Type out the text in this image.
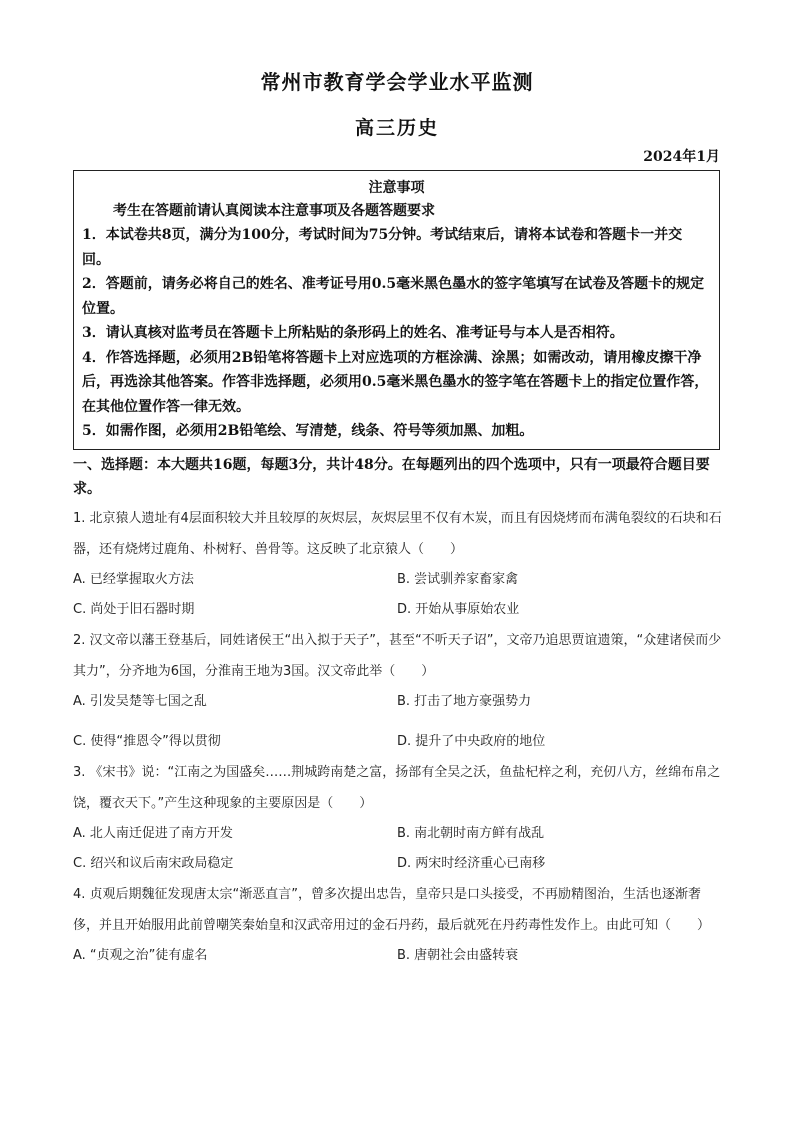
常州市教育学会学业水平监测
高三历史
2024年1月
注意事项
考生在答题前请认真阅读本注意事项及各题答题要求
1．本试卷共8页，满分为100分，考试时间为75分钟。考试结束后，请将本试卷和答题卡一并交回。
2．答题前，请务必将自己的姓名、准考证号用0.5毫米黑色墨水的签字笔填写在试卷及答题卡的规定位置。
3．请认真核对监考员在答题卡上所粘贴的条形码上的姓名、准考证号与本人是否相符。
4．作答选择题，必须用2B铅笔将答题卡上对应选项的方框涂满、涂黑；如需改动，请用橡皮擦干净后，再选涂其他答案。作答非选择题，必须用0.5毫米黑色墨水的签字笔在答题卡上的指定位置作答，在其他位置作答一律无效。
5．如需作图，必须用2B铅笔绘、写清楚，线条、符号等须加黑、加粗。
一、选择题：本大题共16题，每题3分，共计48分。在每题列出的四个选项中，只有一项最符合题目要求。
1. 北京猿人遗址有4层面积较大并且较厚的灰烬层，灰烬层里不仅有木炭，而且有因烧烤而布满龟裂纹的石块和石器，还有烧烤过鹿角、朴树籽、兽骨等。这反映了北京猿人（　　）
A. 已经掌握取火方法	B. 尝试驯养家畜家禽
C. 尚处于旧石器时期	D. 开始从事原始农业
2. 汉文帝以藩王登基后，同姓诸侯王“出入拟于天子”，甚至“不听天子诏”，文帝乃追思贾谊遗策，“众建诸侯而少其力”，分齐地为6国，分淮南王地为3国。汉文帝此举（　　）
A. 引发吴楚等七国之乱	B. 打击了地方豪强势力
C. 使得“推恩令”得以贯彻	D. 提升了中央政府的地位
3. 《宋书》说：“江南之为国盛矣……荆城跨南楚之富，扬部有全吴之沃，鱼盐杞梓之利，充仞八方，丝绵布帛之饶，覆衣天下。”产生这种现象的主要原因是（　　）
A. 北人南迁促进了南方开发	B. 南北朝时南方鲜有战乱
C. 绍兴和议后南宋政局稳定	D. 两宋时经济重心已南移
4. 贞观后期魏征发现唐太宗“渐恶直言”，曾多次提出忠告，皇帝只是口头接受，不再励精图治，生活也逐渐奢侈，并且开始服用此前曾嘲笑秦始皇和汉武帝用过的金石丹药，最后就死在丹药毒性发作上。由此可知（　　）
A. “贞观之治”徒有虚名	B. 唐朝社会由盛转衰
